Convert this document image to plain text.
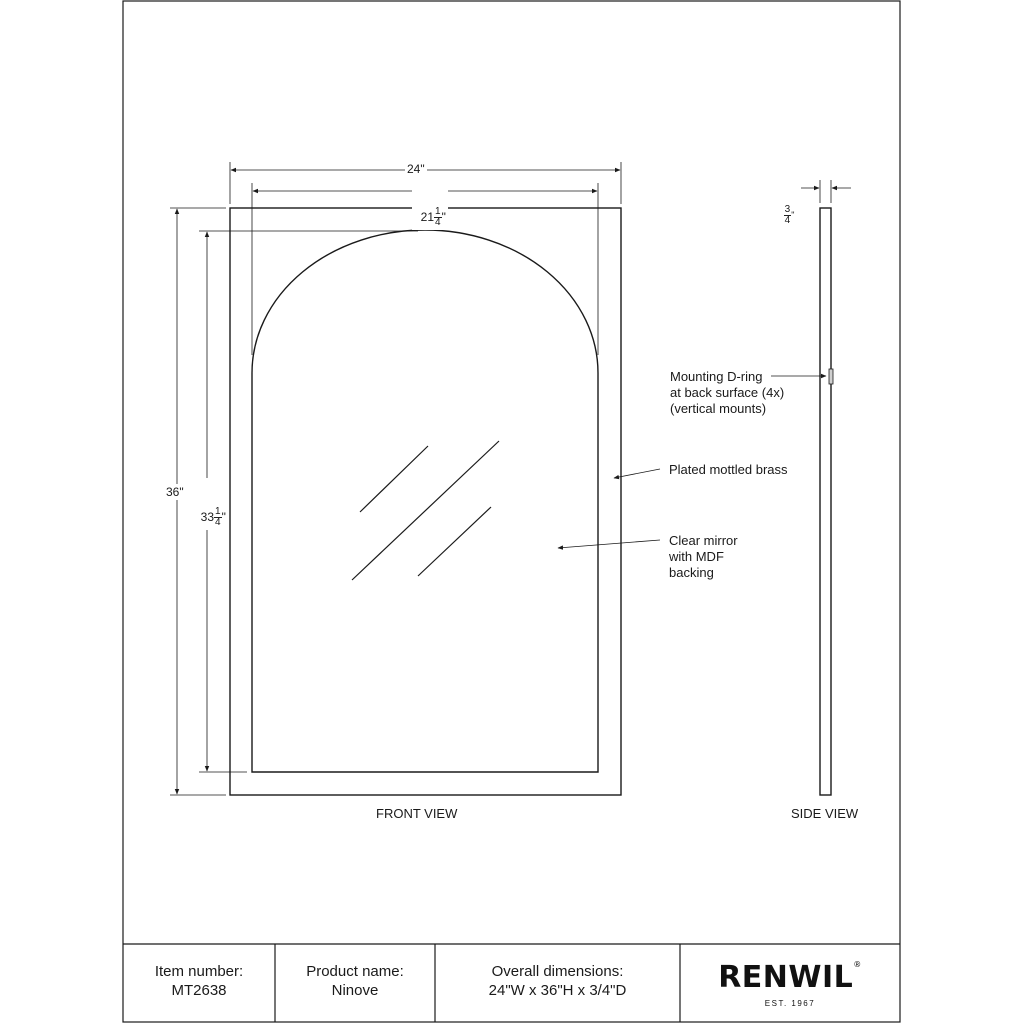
24"

$21 \frac{1}{4}$ "

36"

$33 \frac{1}{4}$ "

$\frac{3}{4} ^"$

Mounting D-ring
at back surface (4x)
(vertical mounts)
Plated mottled brass
Clear mirror
with MDF
backing
FRONT VIEW	SIDE VIEW
Item number:
MT2638
Product name:
Ninove
Overall dimensions:
24"W x 36"H x 3/4"D	RENWIL®
EST. 1967
